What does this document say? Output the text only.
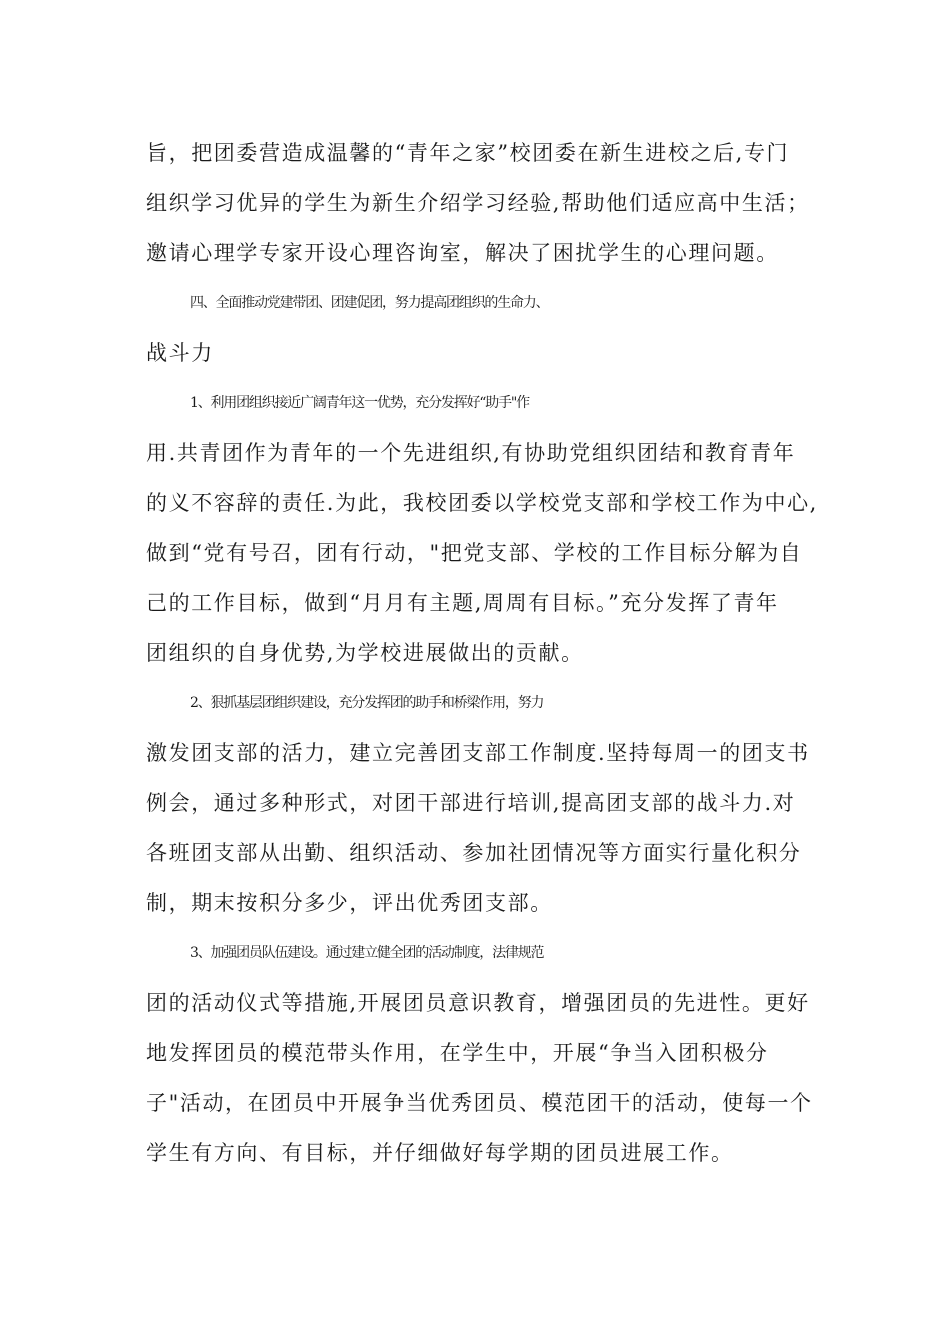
旨，把团委营造成温馨的“青年之家”校团委在新生进校之后,专门

组织学习优异的学生为新生介绍学习经验,帮助他们适应高中生活；

邀请心理学专家开设心理咨询室，解决了困扰学生的心理问题。

四、全面推动党建带团、团建促团，努力提高团组织的生命力、

战斗力

1、利用团组织接近广阔青年这一优势，充分发挥好“助手"作

用.共青团作为青年的一个先进组织,有协助党组织团结和教育青年

的义不容辞的责任.为此，我校团委以学校党支部和学校工作为中心,

做到“党有号召，团有行动，"把党支部、学校的工作目标分解为自

己的工作目标，做到“月月有主题,周周有目标。”充分发挥了青年

团组织的自身优势,为学校进展做出的贡献。

2、狠抓基层团组织建设，充分发挥团的助手和桥梁作用，努力

激发团支部的活力，建立完善团支部工作制度.坚持每周一的团支书

例会，通过多种形式，对团干部进行培训,提高团支部的战斗力.对

各班团支部从出勤、组织活动、参加社团情况等方面实行量化积分

制，期末按积分多少，评出优秀团支部。

3、加强团员队伍建设。通过建立健全团的活动制度，法律规范

团的活动仪式等措施,开展团员意识教育，增强团员的先进性。更好

地发挥团员的模范带头作用，在学生中，开展“争当入团积极分

子"活动，在团员中开展争当优秀团员、模范团干的活动，使每一个

学生有方向、有目标，并仔细做好每学期的团员进展工作。
